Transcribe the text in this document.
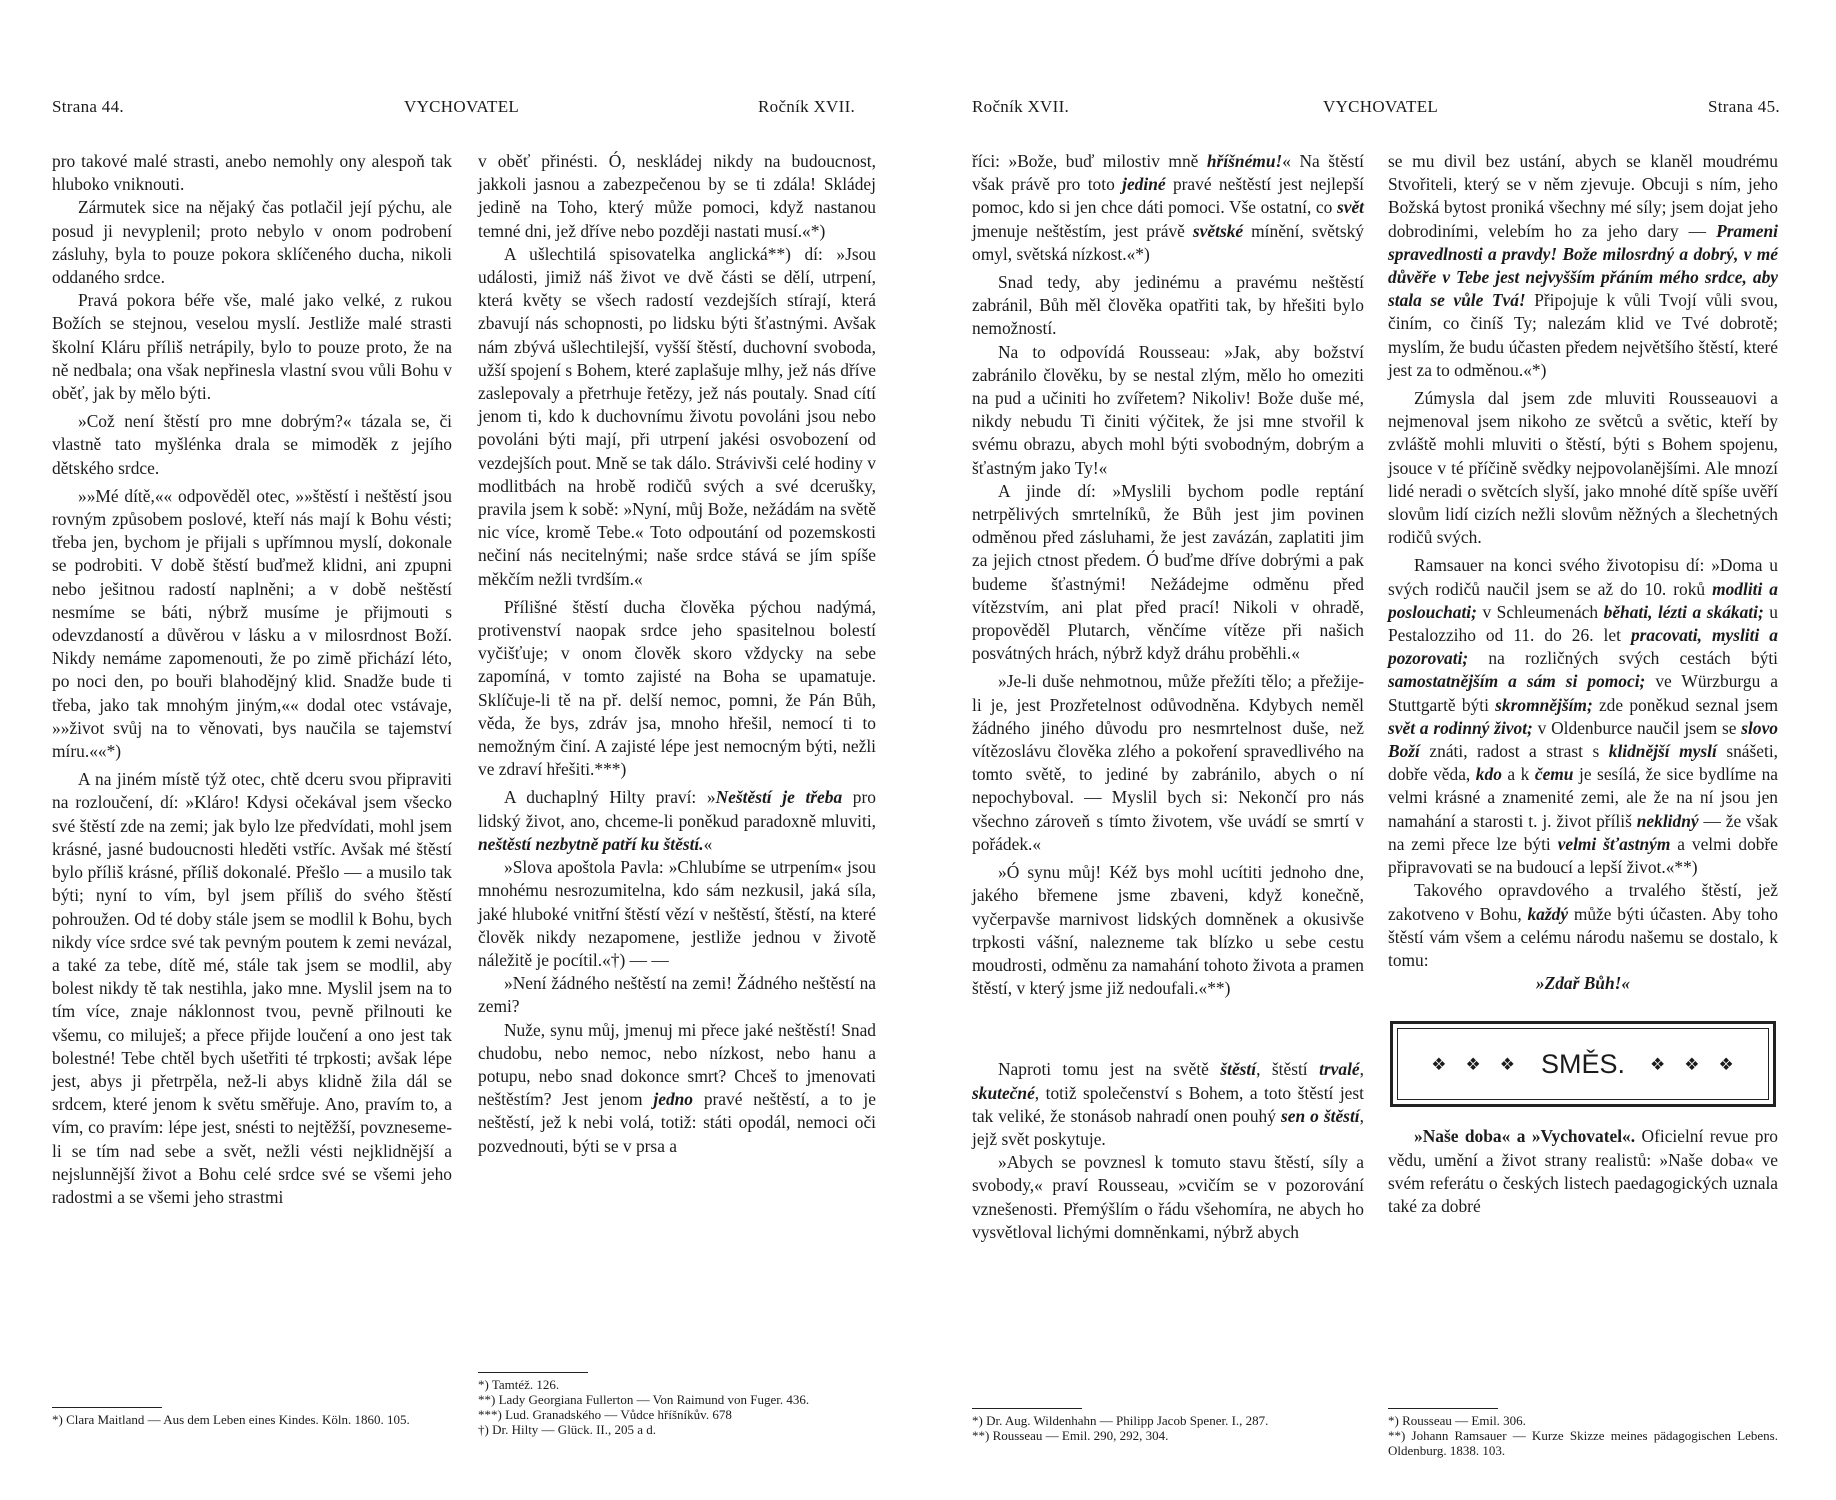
Strana 44.	VYCHOVATEL	Ročník XVII.

pro takové malé strasti, anebo nemohly ony alespoň tak hluboko vniknouti.

Zármutek sice na nějaký čas potlačil její pýchu, ale posud ji nevyplenil; proto nebylo v onom podrobení zásluhy, byla to pouze pokora sklíčeného ducha, nikoli oddaného srdce.

Pravá pokora béře vše, malé jako velké, z rukou Božích se stejnou, veselou myslí. Jestliže malé strasti školní Kláru příliš netrápily, bylo to pouze proto, že na ně nedbala; ona však nepřinesla vlastní svou vůli Bohu v oběť, jak by mělo býti.

»Což není štěstí pro mne dobrým?« tázala se, či vlastně tato myšlénka drala se mimoděk z jejího dětského srdce.

»»Mé dítě,«« odpověděl otec, »»štěstí i neštěstí jsou rovným způsobem poslové, kteří nás mají k Bohu vésti; třeba jen, bychom je přijali s upřímnou myslí, dokonale se podrobiti. V době štěstí buďmež klidni, ani zpupni nebo ješitnou radostí naplněni; a v době neštěstí nesmíme se báti, nýbrž musíme je přijmouti s odevzdaností a důvěrou v lásku a v milosrdnost Boží. Nikdy nemáme zapomenouti, že po zimě přichází léto, po noci den, po bouři blahodějný klid. Snadže bude ti třeba, jako tak mnohým jiným,«« dodal otec vstávaje, »»život svůj na to věnovati, bys naučila se tajemství míru.««*)

A na jiném místě týž otec, chtě dceru svou připraviti na rozloučení, dí: »Kláro! Kdysi očekával jsem všecko své štěstí zde na zemi; jak bylo lze předvídati, mohl jsem krásné, jasné budoucnosti hleděti vstříc. Avšak mé štěstí bylo příliš krásné, příliš dokonalé. Přešlo — a musilo tak býti; nyní to vím, byl jsem příliš do svého štěstí pohroužen. Od té doby stále jsem se modlil k Bohu, bych nikdy více srdce své tak pevným poutem k zemi nevázal, a také za tebe, dítě mé, stále tak jsem se modlil, aby bolest nikdy tě tak nestihla, jako mne. Myslil jsem na to tím více, znaje náklonnost tvou, pevně přilnouti ke všemu, co miluješ; a přece přijde loučení a ono jest tak bolestné! Tebe chtěl bych ušetřiti té trpkosti; avšak lépe jest, abys ji přetrpěla, než-li abys klidně žila dál se srdcem, které jenom k světu směřuje. Ano, pravím to, a vím, co pravím: lépe jest, snésti to nejtěžší, povzneseme-li se tím nad sebe a svět, nežli vésti nejklidnější a nejslunnější život a Bohu celé srdce své se všemi jeho radostmi a se všemi jeho strastmi

*) Clara Maitland — Aus dem Leben eines Kindes. Köln. 1860. 105.

v oběť přinésti. Ó, neskládej nikdy na budoucnost, jakkoli jasnou a zabezpečenou by se ti zdála! Skládej jedině na Toho, který může pomoci, když nastanou temné dni, jež dříve nebo později nastati musí.«*)

A ušlechtilá spisovatelka anglická**) dí: »Jsou události, jimiž náš život ve dvě části se dělí, utrpení, která květy se všech radostí vezdejších stírají, která zbavují nás schopnosti, po lidsku býti šťastnými. Avšak nám zbývá ušlechtilejší, vyšší štěstí, duchovní svoboda, užší spojení s Bohem, které zaplašuje mlhy, jež nás dříve zaslepovaly a přetrhuje řetězy, jež nás poutaly. Snad cítí jenom ti, kdo k duchovnímu životu povoláni jsou nebo povoláni býti mají, při utrpení jakési osvobození od vezdejších pout. Mně se tak dálo. Strávivši celé hodiny v modlitbách na hrobě rodičů svých a své dcerušky, pravila jsem k sobě: »Nyní, můj Bože, nežádám na světě nic více, kromě Tebe.« Toto odpoutání od pozemskosti nečiní nás necitelnými; naše srdce stává se jím spíše měkčím nežli tvrdším.«

Přílišné štěstí ducha člověka pýchou nadýmá, protivenství naopak srdce jeho spasitelnou bolestí vyčišťuje; v onom člověk skoro vždycky na sebe zapomíná, v tomto zajisté na Boha se upamatuje. Sklíčuje-li tě na př. delší nemoc, pomni, že Pán Bůh, věda, že bys, zdráv jsa, mnoho hřešil, nemocí ti to nemožným činí. A zajisté lépe jest nemocným býti, nežli ve zdraví hřešiti.***)

A duchaplný Hilty praví: »Neštěstí je třeba pro lidský život, ano, chceme-li poněkud paradoxně mluviti, neštěstí nezbytně patří ku štěstí.«

»Slova apoštola Pavla: »Chlubíme se utrpením« jsou mnohému nesrozumitelna, kdo sám nezkusil, jaká síla, jaké hluboké vnitřní štěstí vězí v neštěstí, štěstí, na které člověk nikdy nezapomene, jestliže jednou v životě náležitě je pocítil.«†) — —

»Není žádného neštěstí na zemi! Žádného neštěstí na zemi?

Nuže, synu můj, jmenuj mi přece jaké neštěstí! Snad chudobu, nebo nemoc, nebo nízkost, nebo hanu a potupu, nebo snad dokonce smrt? Chceš to jmenovati neštěstím? Jest jenom jedno pravé neštěstí, a to je neštěstí, jež k nebi volá, totiž: státi opodál, nemoci oči pozvednouti, býti se v prsa a

*) Tamtéž. 126.
**) Lady Georgiana Fullerton — Von Raimund von Fuger. 436.
***) Lud. Granadského — Vůdce hříšníkův. 678
†) Dr. Hilty — Glück. II., 205 a d.
Ročník XVII.	VYCHOVATEL	Strana 45.

říci: »Bože, buď milostiv mně hříšnému!« Na štěstí však právě pro toto jediné pravé neštěstí jest nejlepší pomoc, kdo si jen chce dáti pomoci. Vše ostatní, co svět jmenuje neštěstím, jest právě světské mínění, světský omyl, světská nízkost.«*)

Snad tedy, aby jedinému a pravému neštěstí zabránil, Bůh měl člověka opatřiti tak, by hřešiti bylo nemožností.

Na to odpovídá Rousseau: »Jak, aby božství zabránilo člověku, by se nestal zlým, mělo ho omeziti na pud a učiniti ho zvířetem? Nikoliv! Bože duše mé, nikdy nebudu Ti činiti výčitek, že jsi mne stvořil k svému obrazu, abych mohl býti svobodným, dobrým a šťastným jako Ty!«

A jinde dí: »Myslili bychom podle reptání netrpělivých smrtelníků, že Bůh jest jim povinen odměnou před zásluhami, že jest zavázán, zaplatiti jim za jejich ctnost předem. Ó buďme dříve dobrými a pak budeme šťastnými! Nežádejme odměnu před vítězstvím, ani plat před prací! Nikoli v ohradě, propověděl Plutarch, věnčíme vítěze při našich posvátných hrách, nýbrž když dráhu proběhli.«

»Je-li duše nehmotnou, může přežíti tělo; a přežije-li je, jest Prozřetelnost odůvodněna. Kdybych neměl žádného jiného důvodu pro nesmrtelnost duše, než vítězoslávu člověka zlého a pokoření spravedlivého na tomto světě, to jediné by zabránilo, abych o ní nepochyboval. — Myslil bych si: Nekončí pro nás všechno zároveň s tímto životem, vše uvádí se smrtí v pořádek.«

»Ó synu můj! Kéž bys mohl ucítiti jednoho dne, jakého břemene jsme zbaveni, když konečně, vyčerpavše marnivost lidských domněnek a okusivše trpkosti vášní, nalezneme tak blízko u sebe cestu moudrosti, odměnu za namahání tohoto života a pramen štěstí, v který jsme již nedoufali.«**)

Naproti tomu jest na světě štěstí, štěstí trvalé, skutečné, totiž společenství s Bohem, a toto štěstí jest tak veliké, že stonásob nahradí onen pouhý sen o štěstí, jejž svět poskytuje.

»Abych se povznesl k tomuto stavu štěstí, síly a svobody,« praví Rousseau, »cvičím se v pozorování vznešenosti. Přemýšlím o řádu všehomíra, ne abych ho vysvětloval lichými domněnkami, nýbrž abych

*) Dr. Aug. Wildenhahn — Philipp Jacob Spener. I., 287.
**) Rousseau — Emil. 290, 292, 304.

se mu divil bez ustání, abych se klaněl moudrému Stvořiteli, který se v něm zjevuje. Obcuji s ním, jeho Božská bytost proniká všechny mé síly; jsem dojat jeho dobrodiními, velebím ho za jeho dary — Prameni spravedlnosti a pravdy! Bože milosrdný a dobrý, v mé důvěře v Tebe jest nejvyšším přáním mého srdce, aby stala se vůle Tvá! Připojuje k vůli Tvojí vůli svou, činím, co činíš Ty; nalezám klid ve Tvé dobrotě; myslím, že budu účasten předem největšího štěstí, které jest za to odměnou.«*)

Zúmysla dal jsem zde mluviti Rousseauovi a nejmenoval jsem nikoho ze světců a světic, kteří by zvláště mohli mluviti o štěstí, býti s Bohem spojenu, jsouce v té příčině svědky nejpovolanějšími. Ale mnozí lidé neradi o světcích slyší, jako mnohé dítě spíše uvěří slovům lidí cizích nežli slovům něžných a šlechetných rodičů svých.

Ramsauer na konci svého životopisu dí: »Doma u svých rodičů naučil jsem se až do 10. roků modliti a poslouchati; v Schleumenách běhati, lézti a skákati; u Pestalozziho od 11. do 26. let pracovati, mysliti a pozorovati; na rozličných svých cestách býti samostatnějším a sám si pomoci; ve Würzburgu a Stuttgartě býti skromnějším; zde poněkud seznal jsem svět a rodinný život; v Oldenburce naučil jsem se slovo Boží znáti, radost a strast s klidnější myslí snášeti, dobře věda, kdo a k čemu je sesílá, že sice bydlíme na velmi krásné a znamenité zemi, ale že na ní jsou jen namahání a starosti t. j. život příliš neklidný — že však na zemi přece lze býti velmi šťastným a velmi dobře připravovati se na budoucí a lepší život.«**)

Takového opravdového a trvalého štěstí, jež zakotveno v Bohu, každý může býti účasten. Aby toho štěstí vám všem a celému národu našemu se dostalo, k tomu:

»Zdař Bůh!«

❖ ❖ ❖ SMĚS. ❖ ❖ ❖

»Naše doba« a »Vychovatel«. Oficielní revue pro vědu, umění a život strany realistů: »Naše doba« ve svém referátu o českých listech paedagogických uznala také za dobré

*) Rousseau — Emil. 306.
**) Johann Ramsauer — Kurze Skizze meines pädagogischen Lebens. Oldenburg. 1838. 103.
